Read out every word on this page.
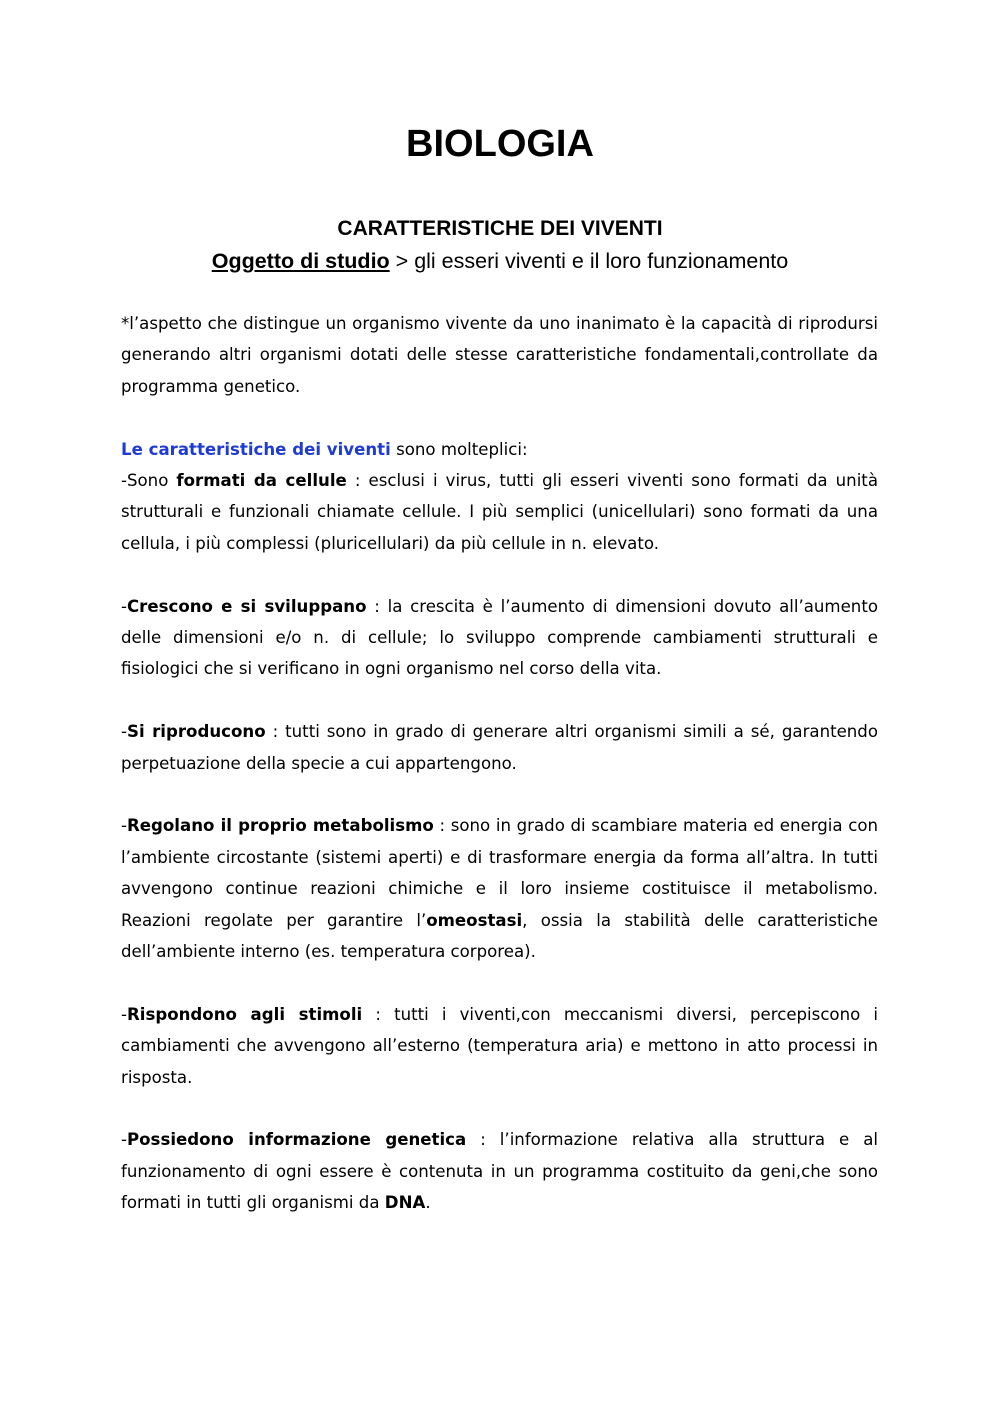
BIOLOGIA
CARATTERISTICHE DEI VIVENTI

Oggetto di studio > gli esseri viventi e il loro funzionamento

*l’aspetto che distingue un organismo vivente da uno inanimato è la capacità di riprodursi generando altri organismi dotati delle stesse caratteristiche fondamentali,controllate da programma genetico.

Le caratteristiche dei viventi sono molteplici:
-Sono formati da cellule : esclusi i virus, tutti gli esseri viventi sono formati da unità strutturali e funzionali chiamate cellule. I più semplici (unicellulari) sono formati da una cellula, i più complessi (pluricellulari) da più cellule in n. elevato.

-Crescono e si sviluppano : la crescita è l’aumento di dimensioni dovuto all’aumento delle dimensioni e/o n. di cellule; lo sviluppo comprende cambiamenti strutturali e fisiologici che si verificano in ogni organismo nel corso della vita.

-Si riproducono : tutti sono in grado di generare altri organismi simili a sé, garantendo perpetuazione della specie a cui appartengono.

-Regolano il proprio metabolismo : sono in grado di scambiare materia ed energia con l’ambiente circostante (sistemi aperti) e di trasformare energia da forma all’altra. In tutti avvengono continue reazioni chimiche e il loro insieme costituisce il metabolismo. Reazioni regolate per garantire l’omeostasi, ossia la stabilità delle caratteristiche dell’ambiente interno (es. temperatura corporea).

-Rispondono agli stimoli : tutti i viventi,con meccanismi diversi, percepiscono i cambiamenti che avvengono all’esterno (temperatura aria) e mettono in atto processi in risposta.

-Possiedono informazione genetica : l’informazione relativa alla struttura e al funzionamento di ogni essere è contenuta in un programma costituito da geni,che sono formati in tutti gli organismi da DNA.
